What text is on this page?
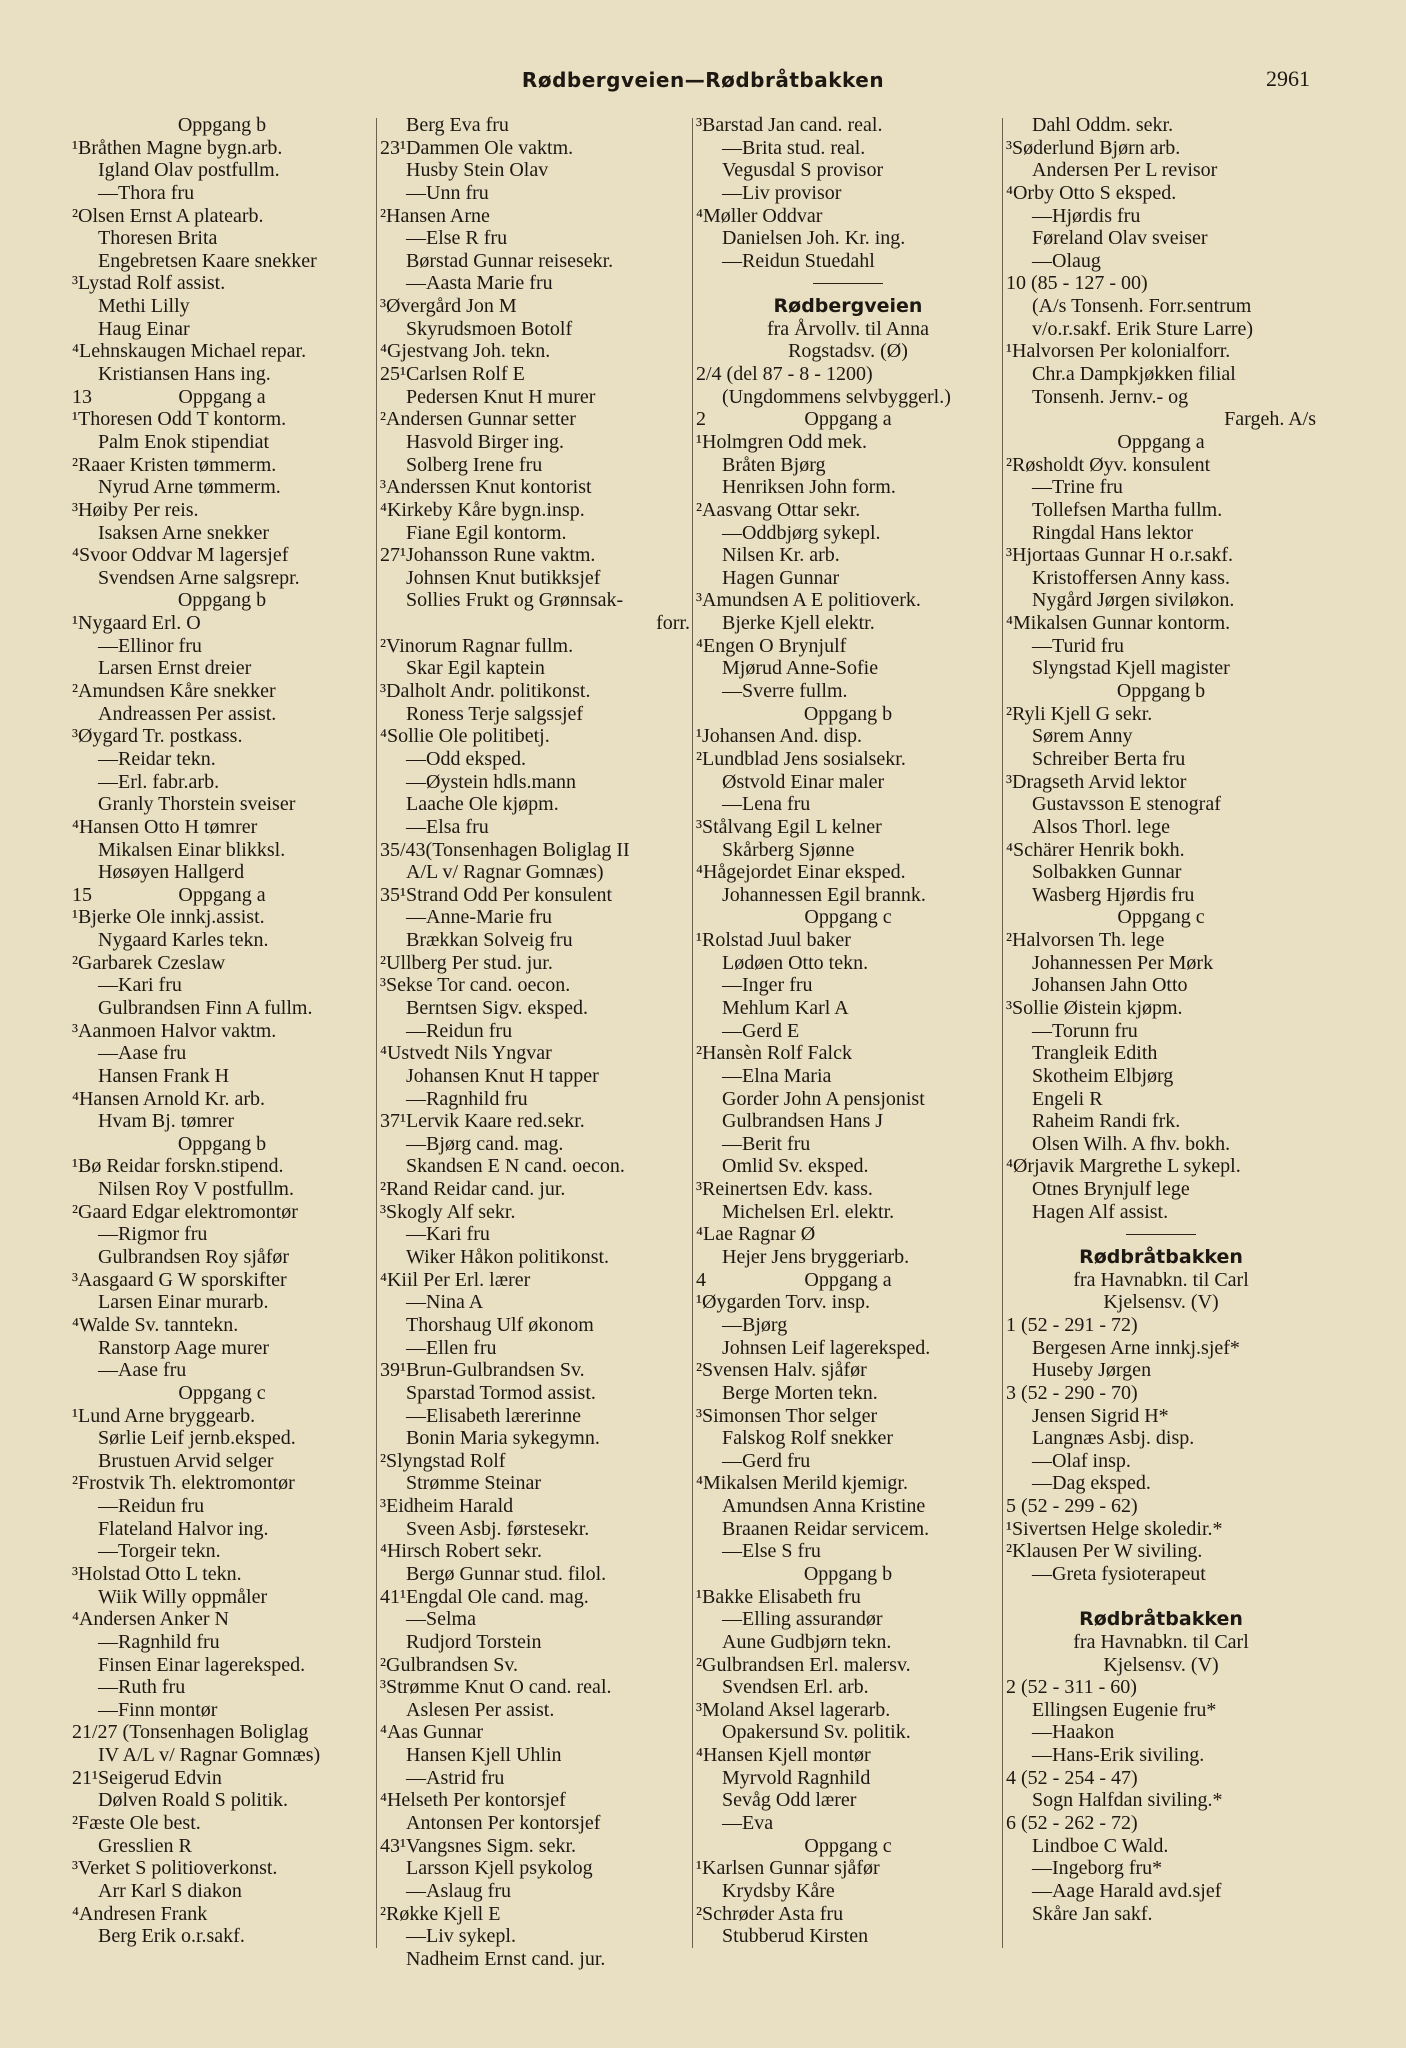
Rødbergveien—Rødbråtbakken	2961
Oppgang b
¹Bråthen Magne bygn.arb.
Igland Olav postfullm.
—Thora fru
²Olsen Ernst A platearb.
Thoresen Brita
Engebretsen Kaare snekker
³Lystad Rolf assist.
Methi Lilly
Haug Einar
⁴Lehnskaugen Michael repar.
Kristiansen Hans ing.
13	Oppgang a
¹Thoresen Odd T kontorm.
Palm Enok stipendiat
²Raaer Kristen tømmerm.
Nyrud Arne tømmerm.
³Høiby Per reis.
Isaksen Arne snekker
⁴Svoor Oddvar M lagersjef
Svendsen Arne salgsrepr.
Oppgang b
¹Nygaard Erl. O
—Ellinor fru
Larsen Ernst dreier
²Amundsen Kåre snekker
Andreassen Per assist.
³Øygard Tr. postkass.
—Reidar tekn.
—Erl. fabr.arb.
Granly Thorstein sveiser
⁴Hansen Otto H tømrer
Mikalsen Einar blikksl.
Høsøyen Hallgerd
15	Oppgang a
¹Bjerke Ole innkj.assist.
Nygaard Karles tekn.
²Garbarek Czeslaw
—Kari fru
Gulbrandsen Finn A fullm.
³Aanmoen Halvor vaktm.
—Aase fru
Hansen Frank H
⁴Hansen Arnold Kr. arb.
Hvam Bj. tømrer
Oppgang b
¹Bø Reidar forskn.stipend.
Nilsen Roy V postfullm.
²Gaard Edgar elektromontør
—Rigmor fru
Gulbrandsen Roy sjåfør
³Aasgaard G W sporskifter
Larsen Einar murarb.
⁴Walde Sv. tanntekn.
Ranstorp Aage murer
—Aase fru
Oppgang c
¹Lund Arne bryggearb.
Sørlie Leif jernb.eksped.
Brustuen Arvid selger
²Frostvik Th. elektromontør
—Reidun fru
Flateland Halvor ing.
—Torgeir tekn.
³Holstad Otto L tekn.
Wiik Willy oppmåler
⁴Andersen Anker N
—Ragnhild fru
Finsen Einar lagereksped.
—Ruth fru
—Finn montør
21/27 (Tonsenhagen Boliglag
IV A/L v/ Ragnar Gomnæs)
21¹Seigerud Edvin
Dølven Roald S politik.
²Fæste Ole best.
Gresslien R
³Verket S politioverkonst.
Arr Karl S diakon
⁴Andresen Frank
Berg Erik o.r.sakf.
Berg Eva fru
23¹Dammen Ole vaktm.
Husby Stein Olav
—Unn fru
²Hansen Arne
—Else R fru
Børstad Gunnar reisesekr.
—Aasta Marie fru
³Øvergård Jon M
Skyrudsmoen Botolf
⁴Gjestvang Joh. tekn.
25¹Carlsen Rolf E
Pedersen Knut H murer
²Andersen Gunnar setter
Hasvold Birger ing.
Solberg Irene fru
³Anderssen Knut kontorist
⁴Kirkeby Kåre bygn.insp.
Fiane Egil kontorm.
27¹Johansson Rune vaktm.
Johnsen Knut butikksjef
Sollies Frukt og Grønnsak-
forr.
²Vinorum Ragnar fullm.
Skar Egil kaptein
³Dalholt Andr. politikonst.
Roness Terje salgssjef
⁴Sollie Ole politibetj.
—Odd eksped.
—Øystein hdls.mann
Laache Ole kjøpm.
—Elsa fru
35/43(Tonsenhagen Boliglag II
A/L v/ Ragnar Gomnæs)
35¹Strand Odd Per konsulent
—Anne-Marie fru
Brækkan Solveig fru
²Ullberg Per stud. jur.
³Sekse Tor cand. oecon.
Berntsen Sigv. eksped.
—Reidun fru
⁴Ustvedt Nils Yngvar
Johansen Knut H tapper
—Ragnhild fru
37¹Lervik Kaare red.sekr.
—Bjørg cand. mag.
Skandsen E N cand. oecon.
²Rand Reidar cand. jur.
³Skogly Alf sekr.
—Kari fru
Wiker Håkon politikonst.
⁴Kiil Per Erl. lærer
—Nina A
Thorshaug Ulf økonom
—Ellen fru
39¹Brun-Gulbrandsen Sv.
Sparstad Tormod assist.
—Elisabeth lærerinne
Bonin Maria sykegymn.
²Slyngstad Rolf
Strømme Steinar
³Eidheim Harald
Sveen Asbj. førstesekr.
⁴Hirsch Robert sekr.
Bergø Gunnar stud. filol.
41¹Engdal Ole cand. mag.
—Selma
Rudjord Torstein
²Gulbrandsen Sv.
³Strømme Knut O cand. real.
Aslesen Per assist.
⁴Aas Gunnar
Hansen Kjell Uhlin
—Astrid fru
⁴Helseth Per kontorsjef
Antonsen Per kontorsjef
43¹Vangsnes Sigm. sekr.
Larsson Kjell psykolog
—Aslaug fru
²Røkke Kjell E
—Liv sykepl.
Nadheim Ernst cand. jur.
³Barstad Jan cand. real.
—Brita stud. real.
Vegusdal S provisor
—Liv provisor
⁴Møller Oddvar
Danielsen Joh. Kr. ing.
—Reidun Stuedahl
Rødbergveien
fra Årvollv. til Anna
Rogstadsv. (Ø)
2/4 (del 87 - 8 - 1200)
(Ungdommens selvbyggerl.)
2	Oppgang a
¹Holmgren Odd mek.
Bråten Bjørg
Henriksen John form.
²Aasvang Ottar sekr.
—Oddbjørg sykepl.
Nilsen Kr. arb.
Hagen Gunnar
³Amundsen A E politioverk.
Bjerke Kjell elektr.
⁴Engen O Brynjulf
Mjørud Anne-Sofie
—Sverre fullm.
Oppgang b
¹Johansen And. disp.
²Lundblad Jens sosialsekr.
Østvold Einar maler
—Lena fru
³Stålvang Egil L kelner
Skårberg Sjønne
⁴Hågejordet Einar eksped.
Johannessen Egil brannk.
Oppgang c
¹Rolstad Juul baker
Lødøen Otto tekn.
—Inger fru
Mehlum Karl A
—Gerd E
²Hansèn Rolf Falck
—Elna Maria
Gorder John A pensjonist
Gulbrandsen Hans J
—Berit fru
Omlid Sv. eksped.
³Reinertsen Edv. kass.
Michelsen Erl. elektr.
⁴Lae Ragnar Ø
Hejer Jens bryggeriarb.
4	Oppgang a
¹Øygarden Torv. insp.
—Bjørg
Johnsen Leif lagereksped.
²Svensen Halv. sjåfør
Berge Morten tekn.
³Simonsen Thor selger
Falskog Rolf snekker
—Gerd fru
⁴Mikalsen Merild kjemigr.
Amundsen Anna Kristine
Braanen Reidar servicem.
—Else S fru
Oppgang b
¹Bakke Elisabeth fru
—Elling assurandør
Aune Gudbjørn tekn.
²Gulbrandsen Erl. malersv.
Svendsen Erl. arb.
³Moland Aksel lagerarb.
Opakersund Sv. politik.
⁴Hansen Kjell montør
Myrvold Ragnhild
Sevåg Odd lærer
—Eva
Oppgang c
¹Karlsen Gunnar sjåfør
Krydsby Kåre
²Schrøder Asta fru
Stubberud Kirsten
Dahl Oddm. sekr.
³Søderlund Bjørn arb.
Andersen Per L revisor
⁴Orby Otto S eksped.
—Hjørdis fru
Føreland Olav sveiser
—Olaug
10 (85 - 127 - 00)
(A/s Tonsenh. Forr.sentrum
v/o.r.sakf. Erik Sture Larre)
¹Halvorsen Per kolonialforr.
Chr.a Dampkjøkken filial
Tonsenh. Jernv.- og
Fargeh. A/s
Oppgang a
²Røsholdt Øyv. konsulent
—Trine fru
Tollefsen Martha fullm.
Ringdal Hans lektor
³Hjortaas Gunnar H o.r.sakf.
Kristoffersen Anny kass.
Nygård Jørgen siviløkon.
⁴Mikalsen Gunnar kontorm.
—Turid fru
Slyngstad Kjell magister
Oppgang b
²Ryli Kjell G sekr.
Sørem Anny
Schreiber Berta fru
³Dragseth Arvid lektor
Gustavsson E stenograf
Alsos Thorl. lege
⁴Schärer Henrik bokh.
Solbakken Gunnar
Wasberg Hjørdis fru
Oppgang c
²Halvorsen Th. lege
Johannessen Per Mørk
Johansen Jahn Otto
³Sollie Øistein kjøpm.
—Torunn fru
Trangleik Edith
Skotheim Elbjørg
Engeli R
Raheim Randi frk.
Olsen Wilh. A fhv. bokh.
⁴Ørjavik Margrethe L sykepl.
Otnes Brynjulf lege
Hagen Alf assist.
Rødbråtbakken
fra Havnabkn. til Carl
Kjelsensv. (V)
1 (52 - 291 - 72)
Bergesen Arne innkj.sjef*
Huseby Jørgen
3 (52 - 290 - 70)
Jensen Sigrid H*
Langnæs Asbj. disp.
—Olaf insp.
—Dag eksped.
5 (52 - 299 - 62)
¹Sivertsen Helge skoledir.*
²Klausen Per W siviling.
—Greta fysioterapeut
Rødbråtbakken
fra Havnabkn. til Carl
Kjelsensv. (V)
2 (52 - 311 - 60)
Ellingsen Eugenie fru*
—Haakon
—Hans-Erik siviling.
4 (52 - 254 - 47)
Sogn Halfdan siviling.*
6 (52 - 262 - 72)
Lindboe C Wald.
—Ingeborg fru*
—Aage Harald avd.sjef
Skåre Jan sakf.
